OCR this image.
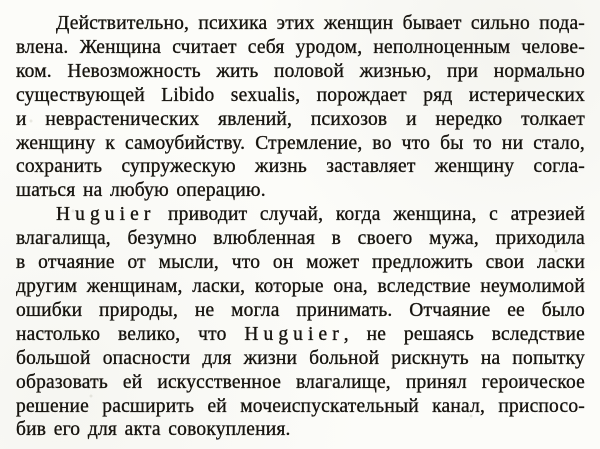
Действительно, психика этих женщин бывает сильно пода-
влена. Женщина считает себя уродом, неполноценным челове-
ком. Невозможность жить половой жизнью, при нормально
существующей Libido sexualis, порождает ряд истерических
и неврастенических явлений, психозов и нередко толкает
женщину к самоубийству. Стремление, во что бы то ни стало,
сохранить супружескую жизнь заставляет женщину согла-
шаться на любую операцию.
Huguier приводит случай, когда женщина, с атрезией
влагалища, безумно влюбленная в своего мужа, приходила
в отчаяние от мысли, что он может предложить свои ласки
другим женщинам, ласки, которые она, вследствие неумолимой
ошибки природы, не могла принимать. Отчаяние ее было
настолько велико, что Huguier, не решаясь вследствие
большой опасности для жизни больной рискнуть на попытку
образовать ей искусственное влагалище, принял героическое
решение расширить ей мочеиспускательный канал, приспосо-
бив его для акта совокупления.
